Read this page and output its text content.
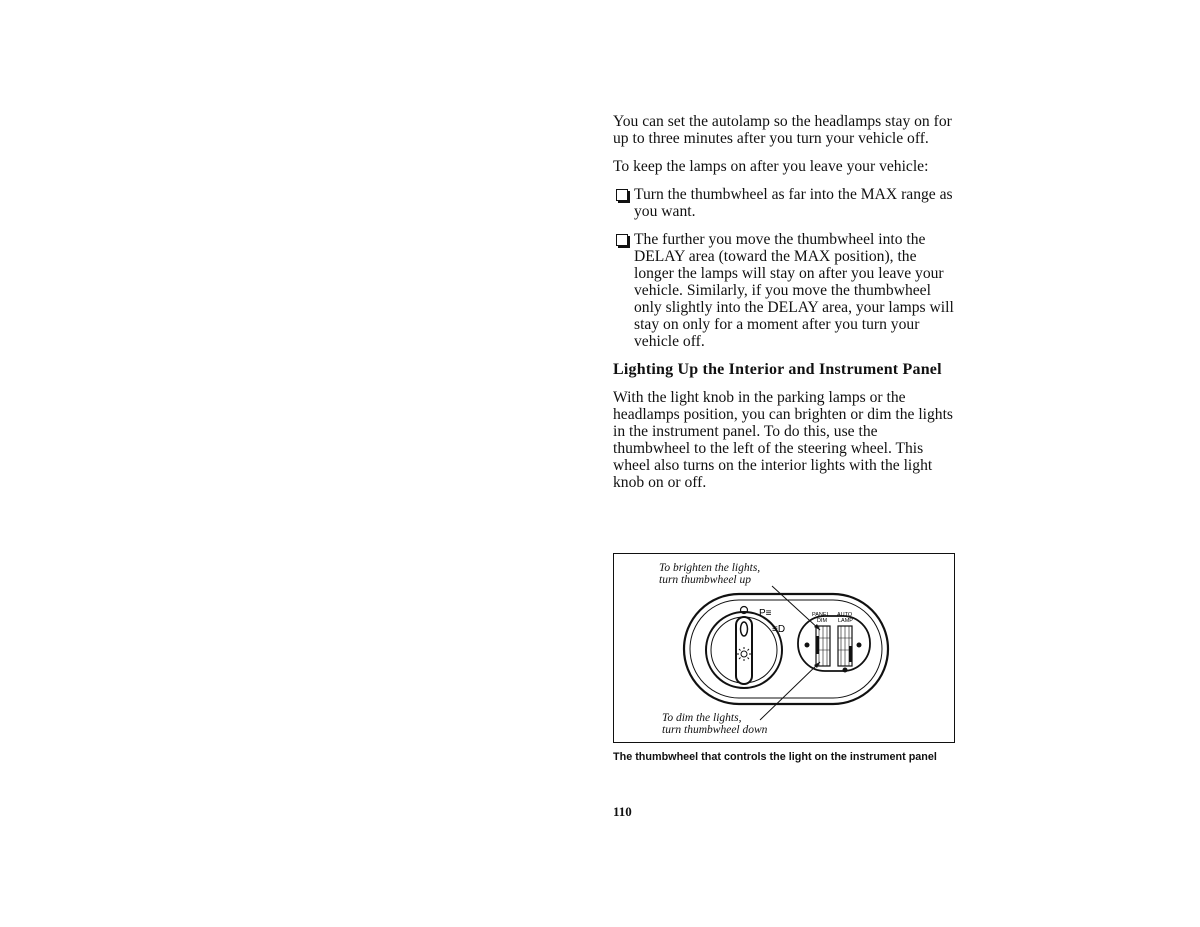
You can set the autolamp so the headlamps stay on for up to three minutes after you turn your vehicle off.

To keep the lamps on after you leave your vehicle:

Turn the thumbwheel as far into the MAX range as you want.
The further you move the thumbwheel into the DELAY area (toward the MAX position), the longer the lamps will stay on after you leave your vehicle. Similarly, if you move the thumbwheel only slightly into the DELAY area, your lamps will stay on only for a moment after you turn your vehicle off.
Lighting Up the Interior and Instrument Panel

With the light knob in the parking lamps or the headlamps position, you can brighten or dim the lights in the instrument panel. To do this, use the thumbwheel to the left of the steering wheel. This wheel also turns on the interior lights with the light knob on or off.

To brighten the lights,
turn thumbwheel up
To dim the lights,
turn thumbwheel down
P≡
≡D
PANEL
DIM
AUTO
LAMP
The thumbwheel that controls the light on the instrument panel
110
